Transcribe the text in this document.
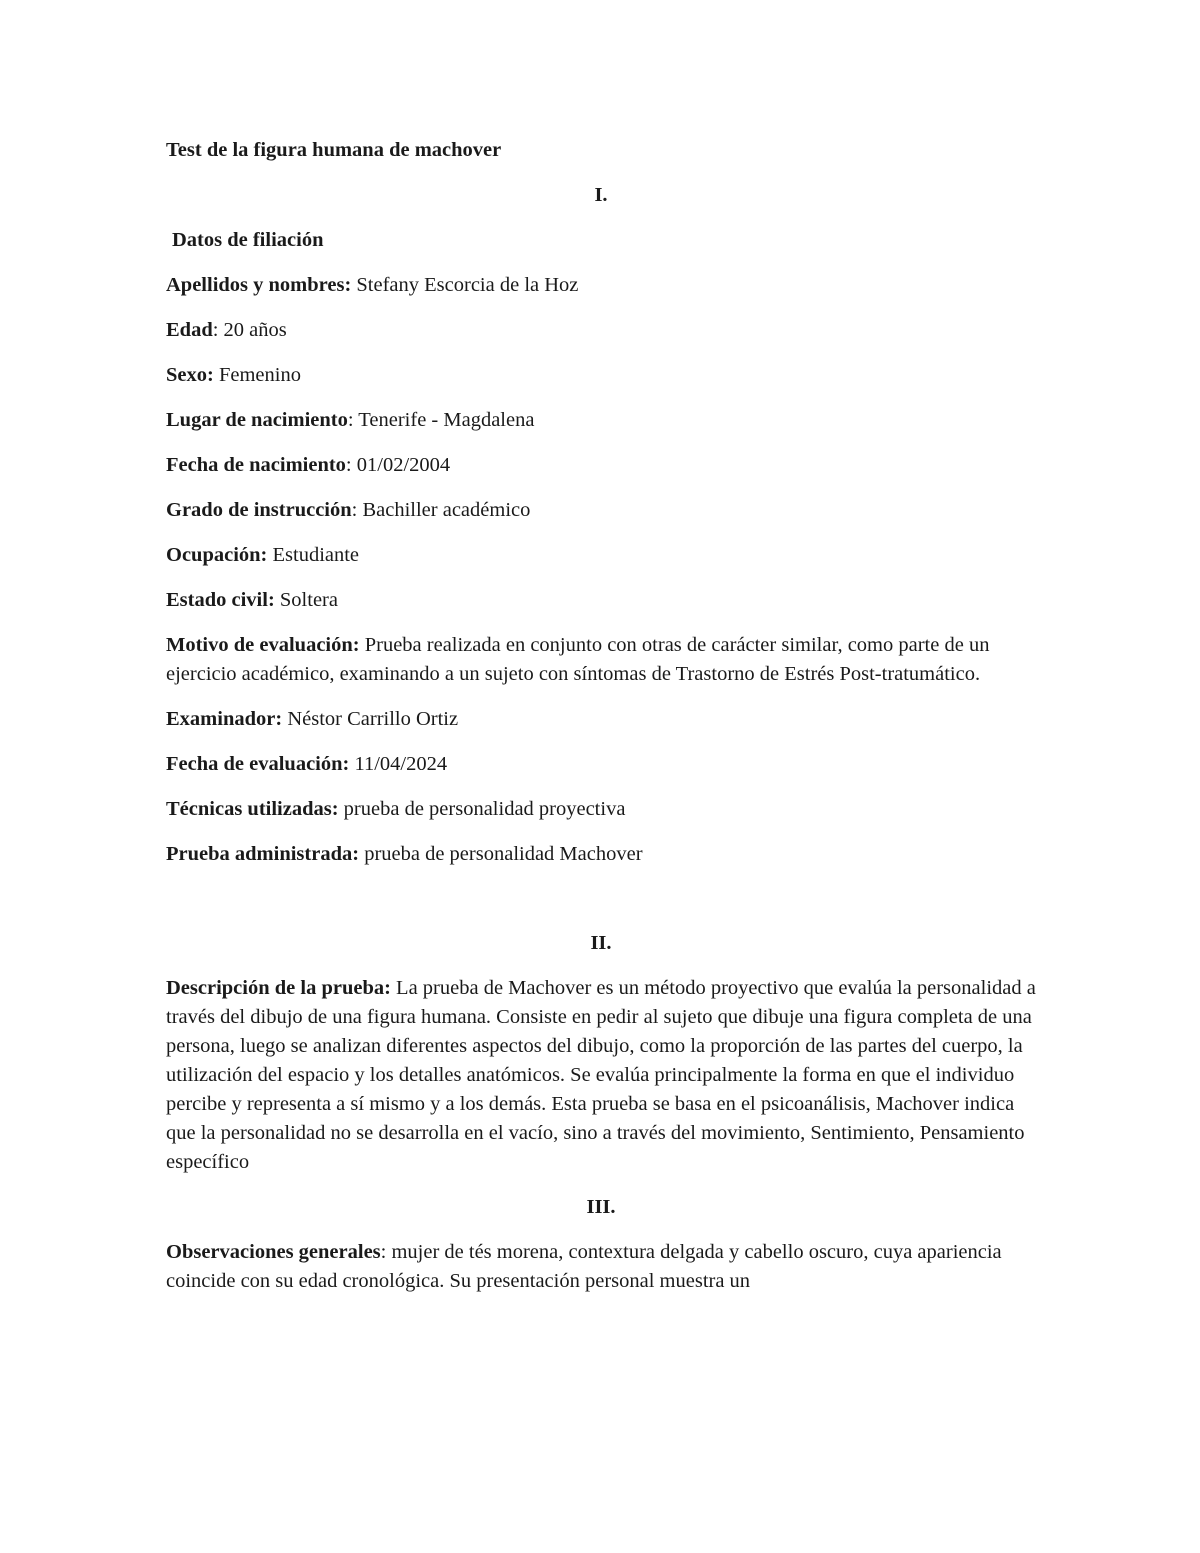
Test de la figura humana de machover

I.

Datos de filiación

Apellidos y nombres: Stefany Escorcia de la Hoz

Edad: 20 años

Sexo: Femenino

Lugar de nacimiento: Tenerife - Magdalena

Fecha de nacimiento: 01/02/2004

Grado de instrucción: Bachiller académico

Ocupación: Estudiante

Estado civil: Soltera

Motivo de evaluación: Prueba realizada en conjunto con otras de carácter similar, como parte de un ejercicio académico, examinando a un sujeto con síntomas de Trastorno de Estrés Post-tratumático.

Examinador: Néstor Carrillo Ortiz

Fecha de evaluación: 11/04/2024

Técnicas utilizadas: prueba de personalidad proyectiva

Prueba administrada: prueba de personalidad Machover

II.

Descripción de la prueba: La prueba de Machover es un método proyectivo que evalúa la personalidad a través del dibujo de una figura humana. Consiste en pedir al sujeto que dibuje una figura completa de una persona, luego se analizan diferentes aspectos del dibujo, como la proporción de las partes del cuerpo, la utilización del espacio y los detalles anatómicos. Se evalúa principalmente la forma en que el individuo percibe y representa a sí mismo y a los demás. Esta prueba se basa en el psicoanálisis, Machover indica que la personalidad no se desarrolla en el vacío, sino a través del movimiento, Sentimiento, Pensamiento específico

III.

Observaciones generales: mujer de tés morena, contextura delgada y cabello oscuro, cuya apariencia coincide con su edad cronológica. Su presentación personal muestra un
